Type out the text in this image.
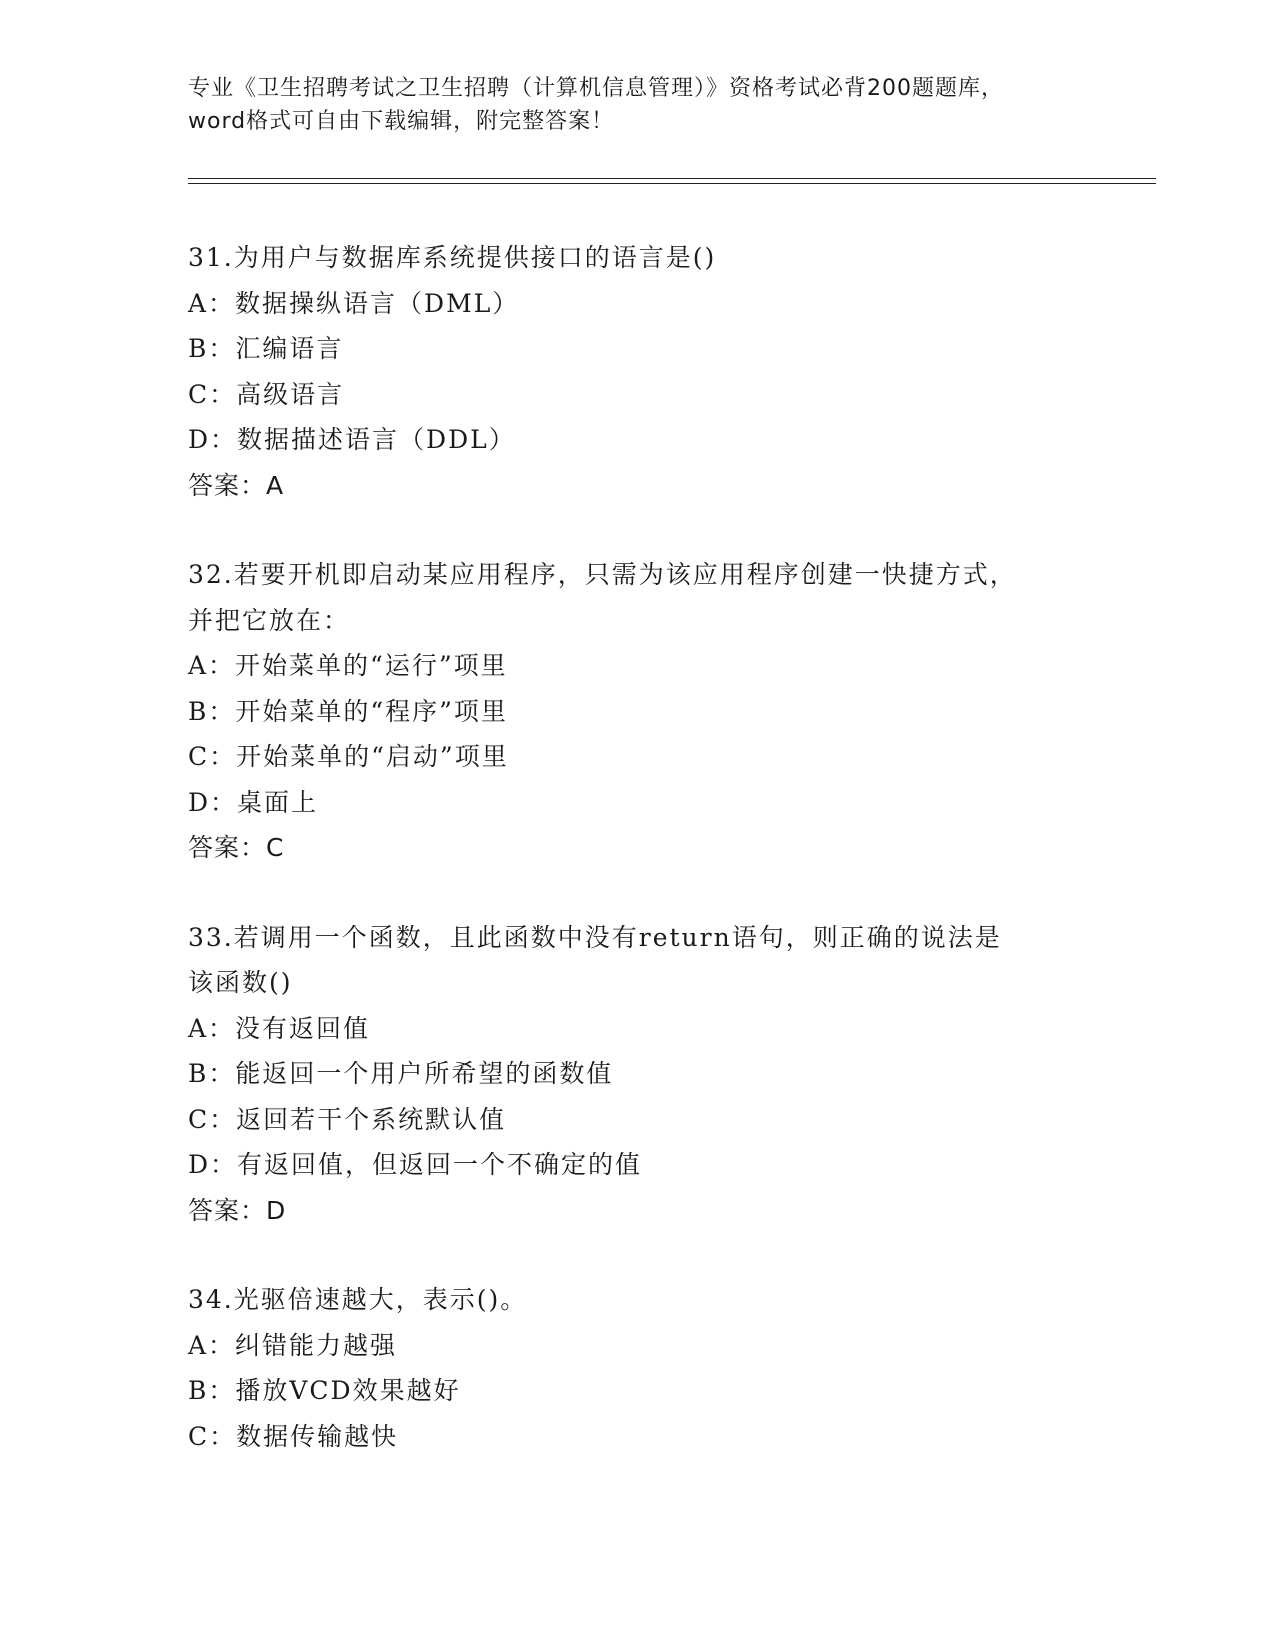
专业《卫生招聘考试之卫生招聘（计算机信息管理）》资格考试必背200题题库，
word格式可自由下载编辑，附完整答案！
31.为用户与数据库系统提供接口的语言是()
A：数据操纵语言（DML）
B：汇编语言
C：高级语言
D：数据描述语言（DDL）
答案：A
32.若要开机即启动某应用程序，只需为该应用程序创建一快捷方式，
并把它放在：
A：开始菜单的“运行”项里
B：开始菜单的“程序”项里
C：开始菜单的“启动”项里
D：桌面上
答案：C
33.若调用一个函数，且此函数中没有return语句，则正确的说法是
该函数()
A：没有返回值
B：能返回一个用户所希望的函数值
C：返回若干个系统默认值
D：有返回值，但返回一个不确定的值
答案：D
34.光驱倍速越大，表示()。
A：纠错能力越强
B：播放VCD效果越好
C：数据传输越快
